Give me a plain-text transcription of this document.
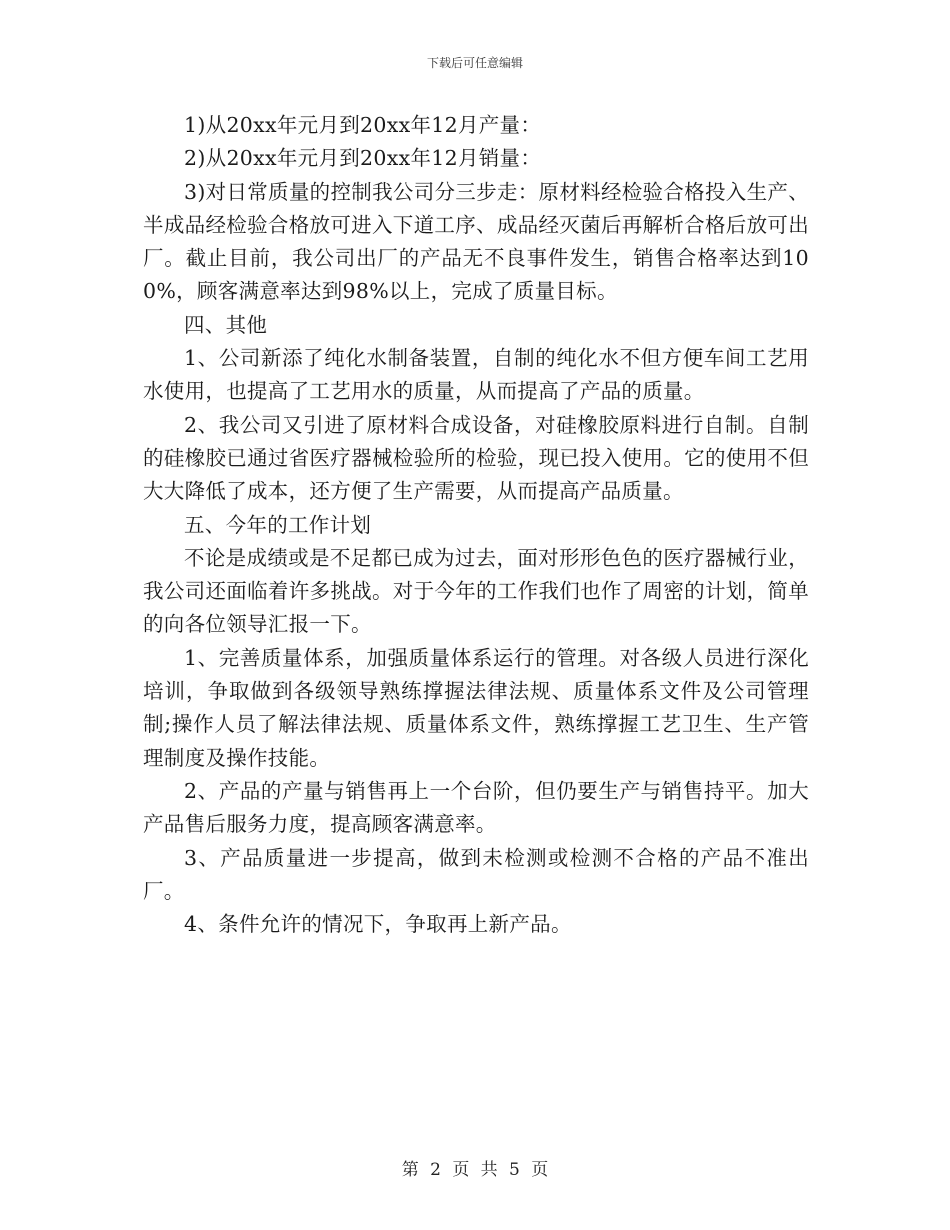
下载后可任意编辑

1)从20xx年元月到20xx年12月产量：

2)从20xx年元月到20xx年12月销量：

3)对日常质量的控制我公司分三步走：原材料经检验合格投入生产、半成品经检验合格放可进入下道工序、成品经灭菌后再解析合格后放可出厂。截止目前，我公司出厂的产品无不良事件发生，销售合格率达到100%，顾客满意率达到98%以上，完成了质量目标。

四、其他

1、公司新添了纯化水制备装置，自制的纯化水不但方便车间工艺用水使用，也提高了工艺用水的质量，从而提高了产品的质量。

2、我公司又引进了原材料合成设备，对硅橡胶原料进行自制。自制的硅橡胶已通过省医疗器械检验所的检验，现已投入使用。它的使用不但大大降低了成本，还方便了生产需要，从而提高产品质量。

五、今年的工作计划

不论是成绩或是不足都已成为过去，面对形形色色的医疗器械行业，我公司还面临着许多挑战。对于今年的工作我们也作了周密的计划，简单的向各位领导汇报一下。

1、完善质量体系，加强质量体系运行的管理。对各级人员进行深化培训，争取做到各级领导熟练撑握法律法规、质量体系文件及公司管理制;操作人员了解法律法规、质量体系文件，熟练撑握工艺卫生、生产管理制度及操作技能。

2、产品的产量与销售再上一个台阶，但仍要生产与销售持平。加大产品售后服务力度，提高顾客满意率。

3、产品质量进一步提高，做到未检测或检测不合格的产品不准出厂。

4、条件允许的情况下，争取再上新产品。

第 2 页 共 5 页
